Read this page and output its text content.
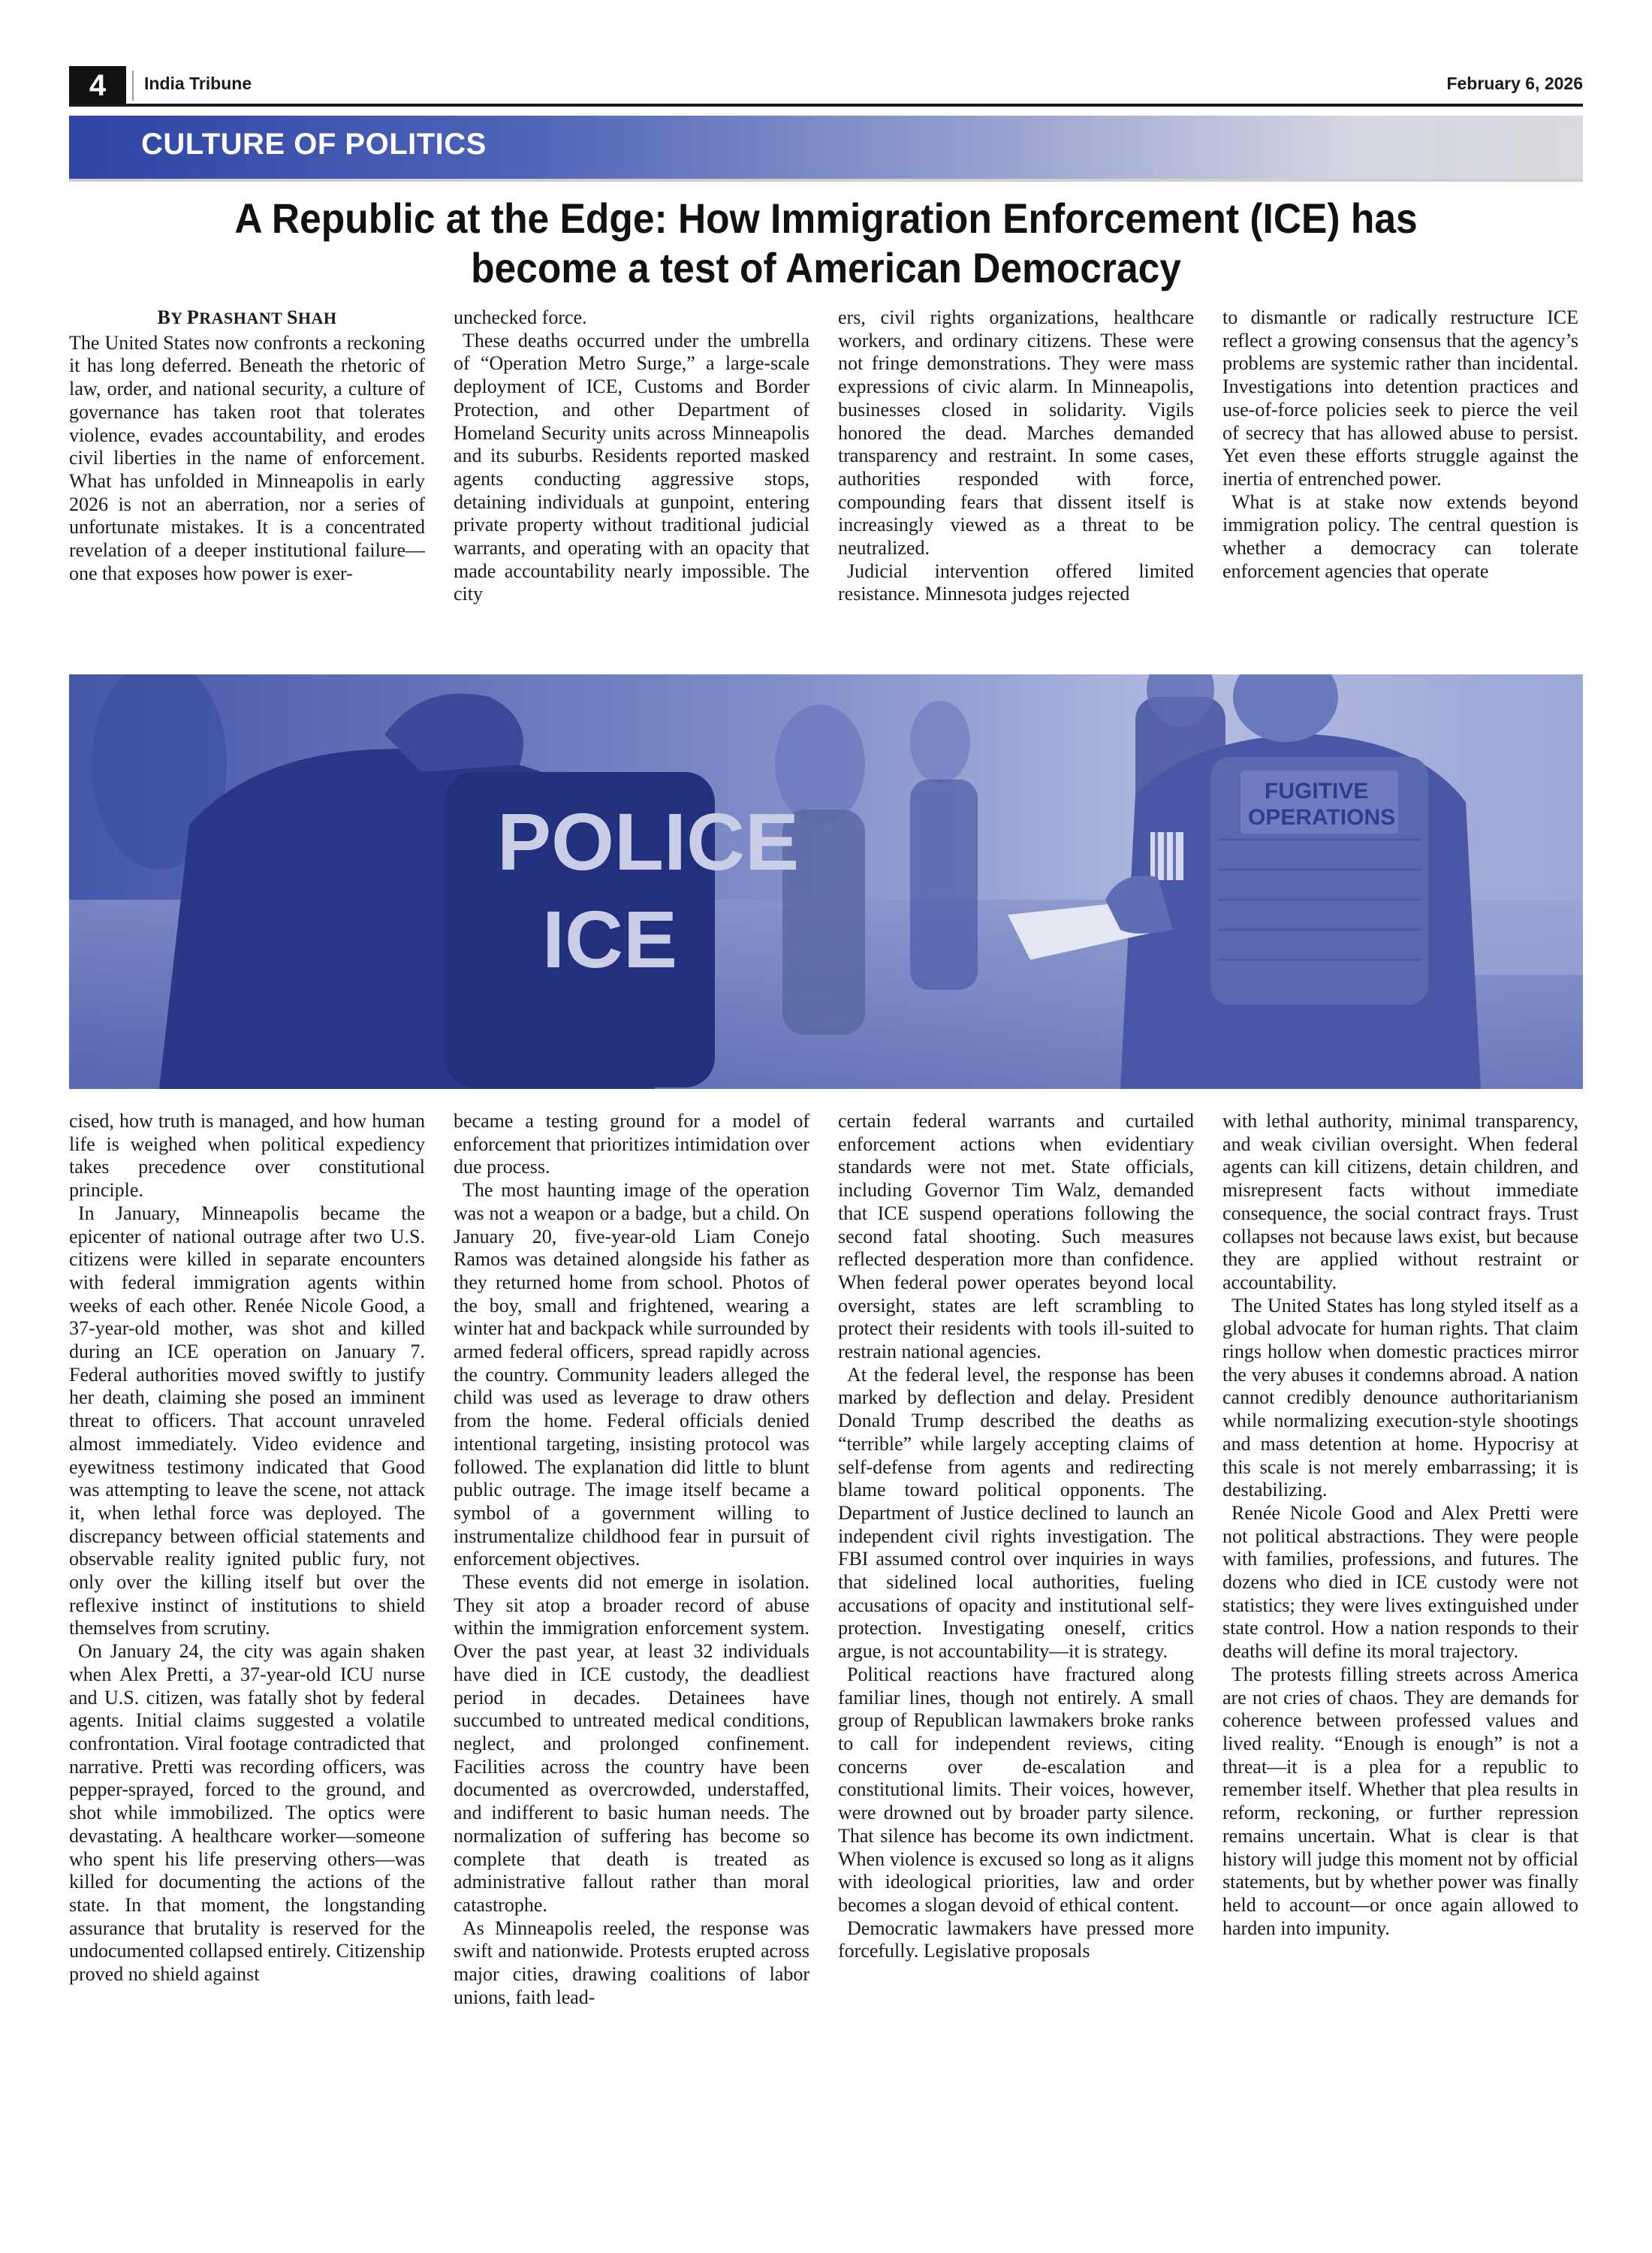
4	India Tribune	February 6, 2026
CULTURE OF POLITICS
A Republic at the Edge: How Immigration Enforcement (ICE) has
become a test of American Democracy
BY PRASHANT SHAH

The United States now confronts a reckoning it has long deferred. Beneath the rhetoric of law, order, and national security, a culture of governance has taken root that tolerates violence, evades accountability, and erodes civil liberties in the name of enforcement. What has unfolded in Minneapolis in early 2026 is not an aberration, nor a series of unfortunate mistakes. It is a concentrated revelation of a deeper institutional failure—one that exposes how power is exer-

unchecked force.

These deaths occurred under the umbrella of “Operation Metro Surge,” a large-scale deployment of ICE, Customs and Border Protection, and other Department of Homeland Security units across Minneapolis and its suburbs. Residents reported masked agents conducting aggressive stops, detaining individuals at gunpoint, entering private property without traditional judicial warrants, and operating with an opacity that made accountability nearly impossible. The city

ers, civil rights organizations, healthcare workers, and ordinary citizens. These were not fringe demonstrations. They were mass expressions of civic alarm. In Minneapolis, businesses closed in solidarity. Vigils honored the dead. Marches demanded transparency and restraint. In some cases, authorities responded with force, compounding fears that dissent itself is increasingly viewed as a threat to be neutralized.

Judicial intervention offered limited resistance. Minnesota judges rejected

to dismantle or radically restructure ICE reflect a growing consensus that the agency’s problems are systemic rather than incidental. Investigations into detention practices and use-of-force policies seek to pierce the veil of secrecy that has allowed abuse to persist. Yet even these efforts struggle against the inertia of entrenched power.

What is at stake now extends beyond immigration policy. The central question is whether a democracy can tolerate enforcement agencies that operate

POLICE
ICE
FUGITIVE
OPERATIONS

cised, how truth is managed, and how human life is weighed when political expediency takes precedence over constitutional principle.

In January, Minneapolis became the epicenter of national outrage after two U.S. citizens were killed in separate encounters with federal immigration agents within weeks of each other. Renée Nicole Good, a 37-year-old mother, was shot and killed during an ICE operation on January 7. Federal authorities moved swiftly to justify her death, claiming she posed an imminent threat to officers. That account unraveled almost immediately. Video evidence and eyewitness testimony indicated that Good was attempting to leave the scene, not attack it, when lethal force was deployed. The discrepancy between official statements and observable reality ignited public fury, not only over the killing itself but over the reflexive instinct of institutions to shield themselves from scrutiny.

On January 24, the city was again shaken when Alex Pretti, a 37-year-old ICU nurse and U.S. citizen, was fatally shot by federal agents. Initial claims suggested a volatile confrontation. Viral footage contradicted that narrative. Pretti was recording officers, was pepper-sprayed, forced to the ground, and shot while immobilized. The optics were devastating. A healthcare worker—someone who spent his life preserving others—was killed for documenting the actions of the state. In that moment, the longstanding assurance that brutality is reserved for the undocumented collapsed entirely. Citizenship proved no shield against

became a testing ground for a model of enforcement that prioritizes intimidation over due process.

The most haunting image of the operation was not a weapon or a badge, but a child. On January 20, five-year-old Liam Conejo Ramos was detained alongside his father as they returned home from school. Photos of the boy, small and frightened, wearing a winter hat and backpack while surrounded by armed federal officers, spread rapidly across the country. Community leaders alleged the child was used as leverage to draw others from the home. Federal officials denied intentional targeting, insisting protocol was followed. The explanation did little to blunt public outrage. The image itself became a symbol of a government willing to instrumentalize childhood fear in pursuit of enforcement objectives.

These events did not emerge in isolation. They sit atop a broader record of abuse within the immigration enforcement system. Over the past year, at least 32 individuals have died in ICE custody, the deadliest period in decades. Detainees have succumbed to untreated medical conditions, neglect, and prolonged confinement. Facilities across the country have been documented as overcrowded, understaffed, and indifferent to basic human needs. The normalization of suffering has become so complete that death is treated as administrative fallout rather than moral catastrophe.

As Minneapolis reeled, the response was swift and nationwide. Protests erupted across major cities, drawing coalitions of labor unions, faith lead-

certain federal warrants and curtailed enforcement actions when evidentiary standards were not met. State officials, including Governor Tim Walz, demanded that ICE suspend operations following the second fatal shooting. Such measures reflected desperation more than confidence. When federal power operates beyond local oversight, states are left scrambling to protect their residents with tools ill-suited to restrain national agencies.

At the federal level, the response has been marked by deflection and delay. President Donald Trump described the deaths as “terrible” while largely accepting claims of self-defense from agents and redirecting blame toward political opponents. The Department of Justice declined to launch an independent civil rights investigation. The FBI assumed control over inquiries in ways that sidelined local authorities, fueling accusations of opacity and institutional self-protection. Investigating oneself, critics argue, is not accountability—it is strategy.

Political reactions have fractured along familiar lines, though not entirely. A small group of Republican lawmakers broke ranks to call for independent reviews, citing concerns over de-escalation and constitutional limits. Their voices, however, were drowned out by broader party silence. That silence has become its own indictment. When violence is excused so long as it aligns with ideological priorities, law and order becomes a slogan devoid of ethical content.

Democratic lawmakers have pressed more forcefully. Legislative proposals

with lethal authority, minimal transparency, and weak civilian oversight. When federal agents can kill citizens, detain children, and misrepresent facts without immediate consequence, the social contract frays. Trust collapses not because laws exist, but because they are applied without restraint or accountability.

The United States has long styled itself as a global advocate for human rights. That claim rings hollow when domestic practices mirror the very abuses it condemns abroad. A nation cannot credibly denounce authoritarianism while normalizing execution-style shootings and mass detention at home. Hypocrisy at this scale is not merely embarrassing; it is destabilizing.

Renée Nicole Good and Alex Pretti were not political abstractions. They were people with families, professions, and futures. The dozens who died in ICE custody were not statistics; they were lives extinguished under state control. How a nation responds to their deaths will define its moral trajectory.

The protests filling streets across America are not cries of chaos. They are demands for coherence between professed values and lived reality. “Enough is enough” is not a threat—it is a plea for a republic to remember itself. Whether that plea results in reform, reckoning, or further repression remains uncertain. What is clear is that history will judge this moment not by official statements, but by whether power was finally held to account—or once again allowed to harden into impunity.
